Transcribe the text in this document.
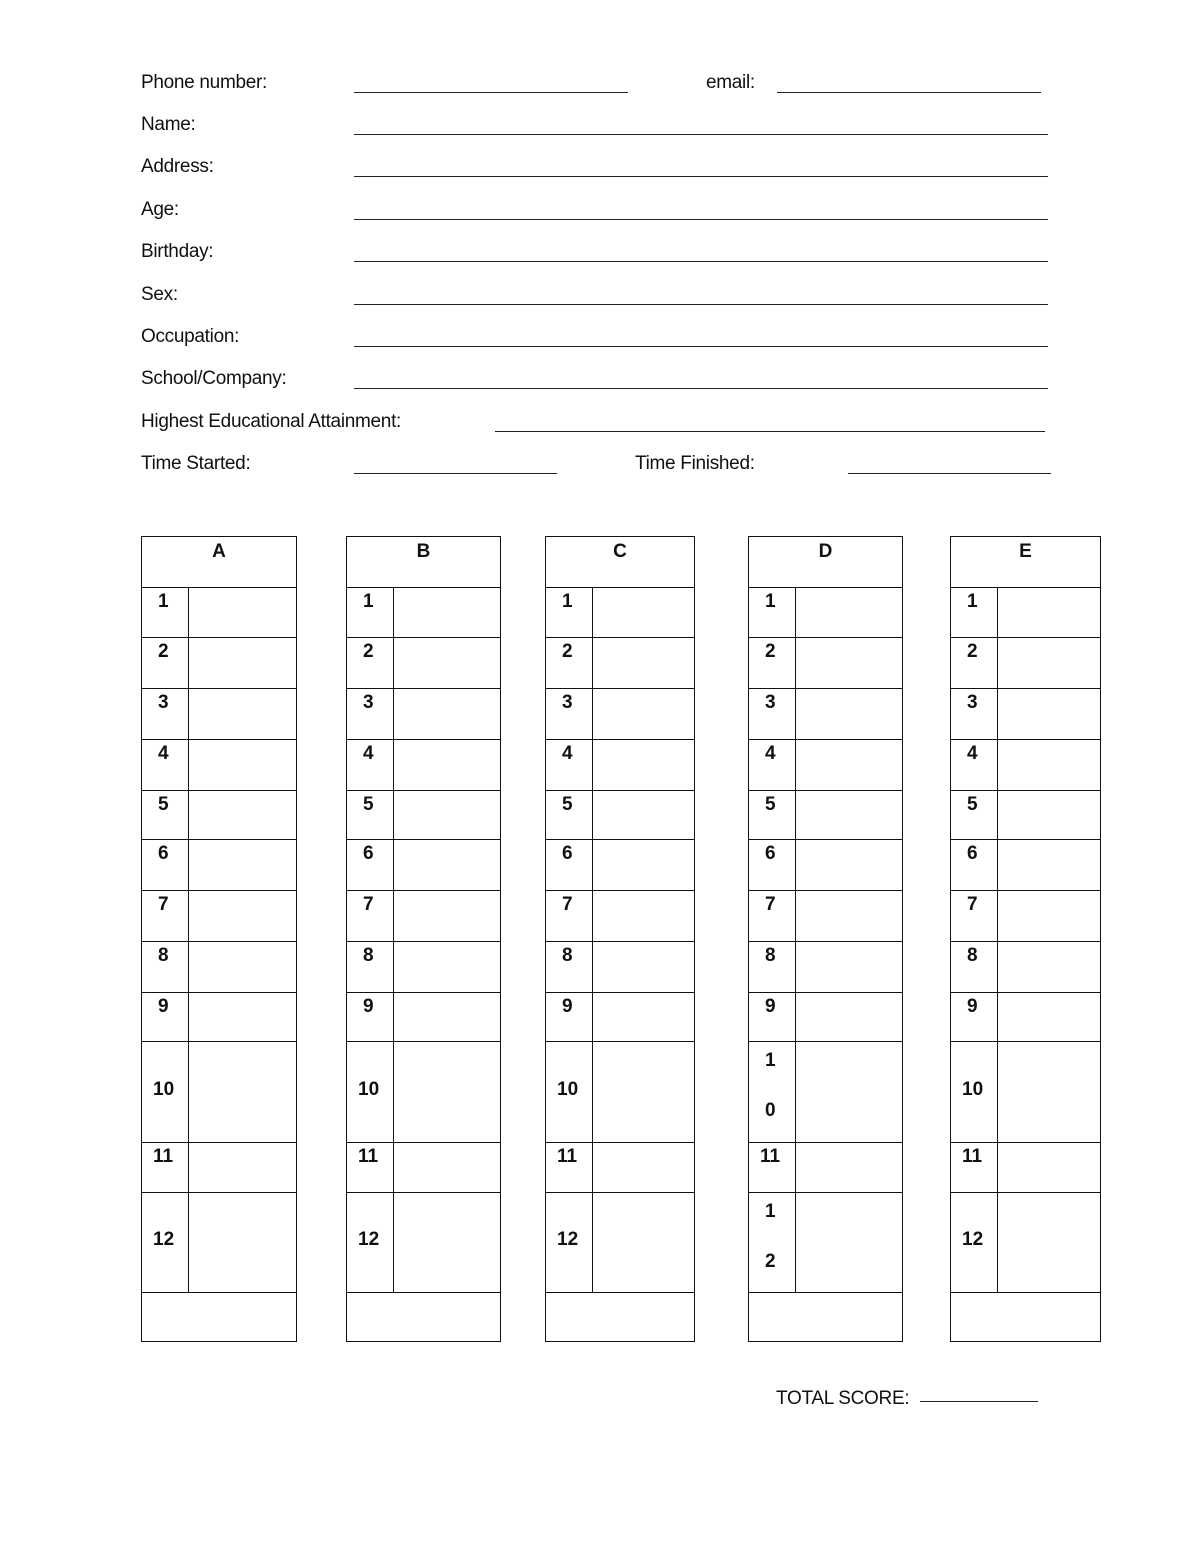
Phone number:	email:
Name:
Address:
Age:
Birthday:
Sex:
Occupation:
School/Company:
Highest Educational Attainment:
Time Started:	Time Finished:
A
1
2
3
4
5
6
7
8
9
10
11
12
B
1
2
3
4
5
6
7
8
9
10
11
12
C
1
2
3
4
5
6
7
8
9
10
11
12
D
1
2
3
4
5
6
7
8
9
10
11
12
E
1
2
3
4
5
6
7
8
9
10
11
12
TOTAL SCORE:
